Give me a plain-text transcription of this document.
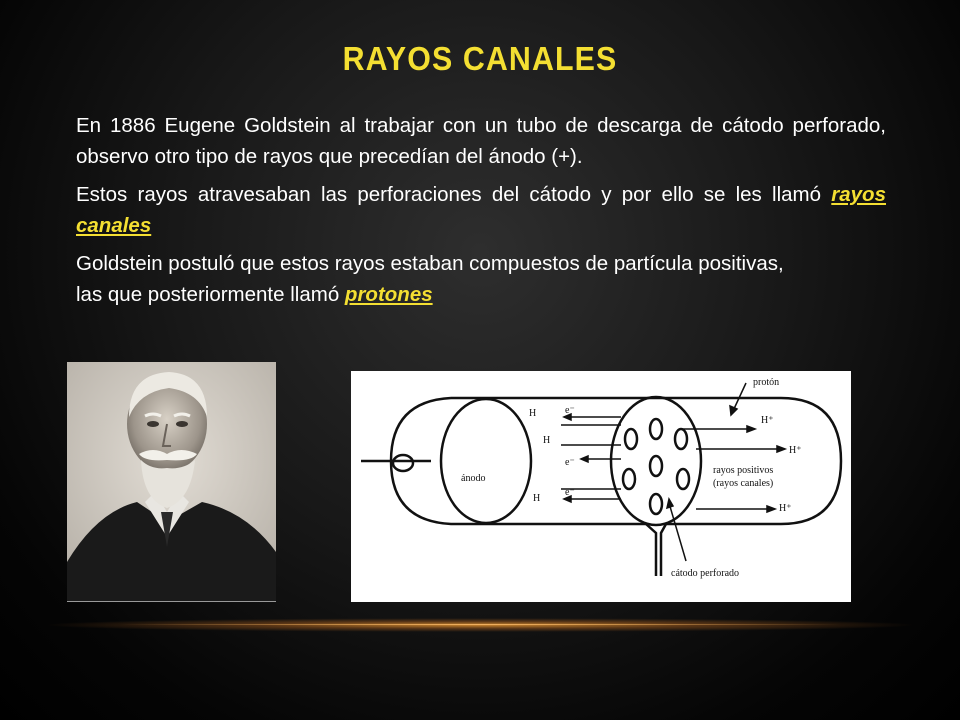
RAYOS CANALES

En 1886 Eugene Goldstein al trabajar con un tubo de descarga de cátodo perforado, observo otro tipo de rayos que precedían del ánodo (+).

Estos rayos atravesaban las perforaciones del cátodo y por ello se les llamó rayos canales

Goldstein postuló que estos rayos estaban compuestos de partícula positivas,
las que posteriormente llamó protones

protón
ánodo
H
H
H
e⁻
e⁻
e⁻
H⁺
H⁺
H⁺
rayos positivos
(rayos canales)
cátodo perforado
